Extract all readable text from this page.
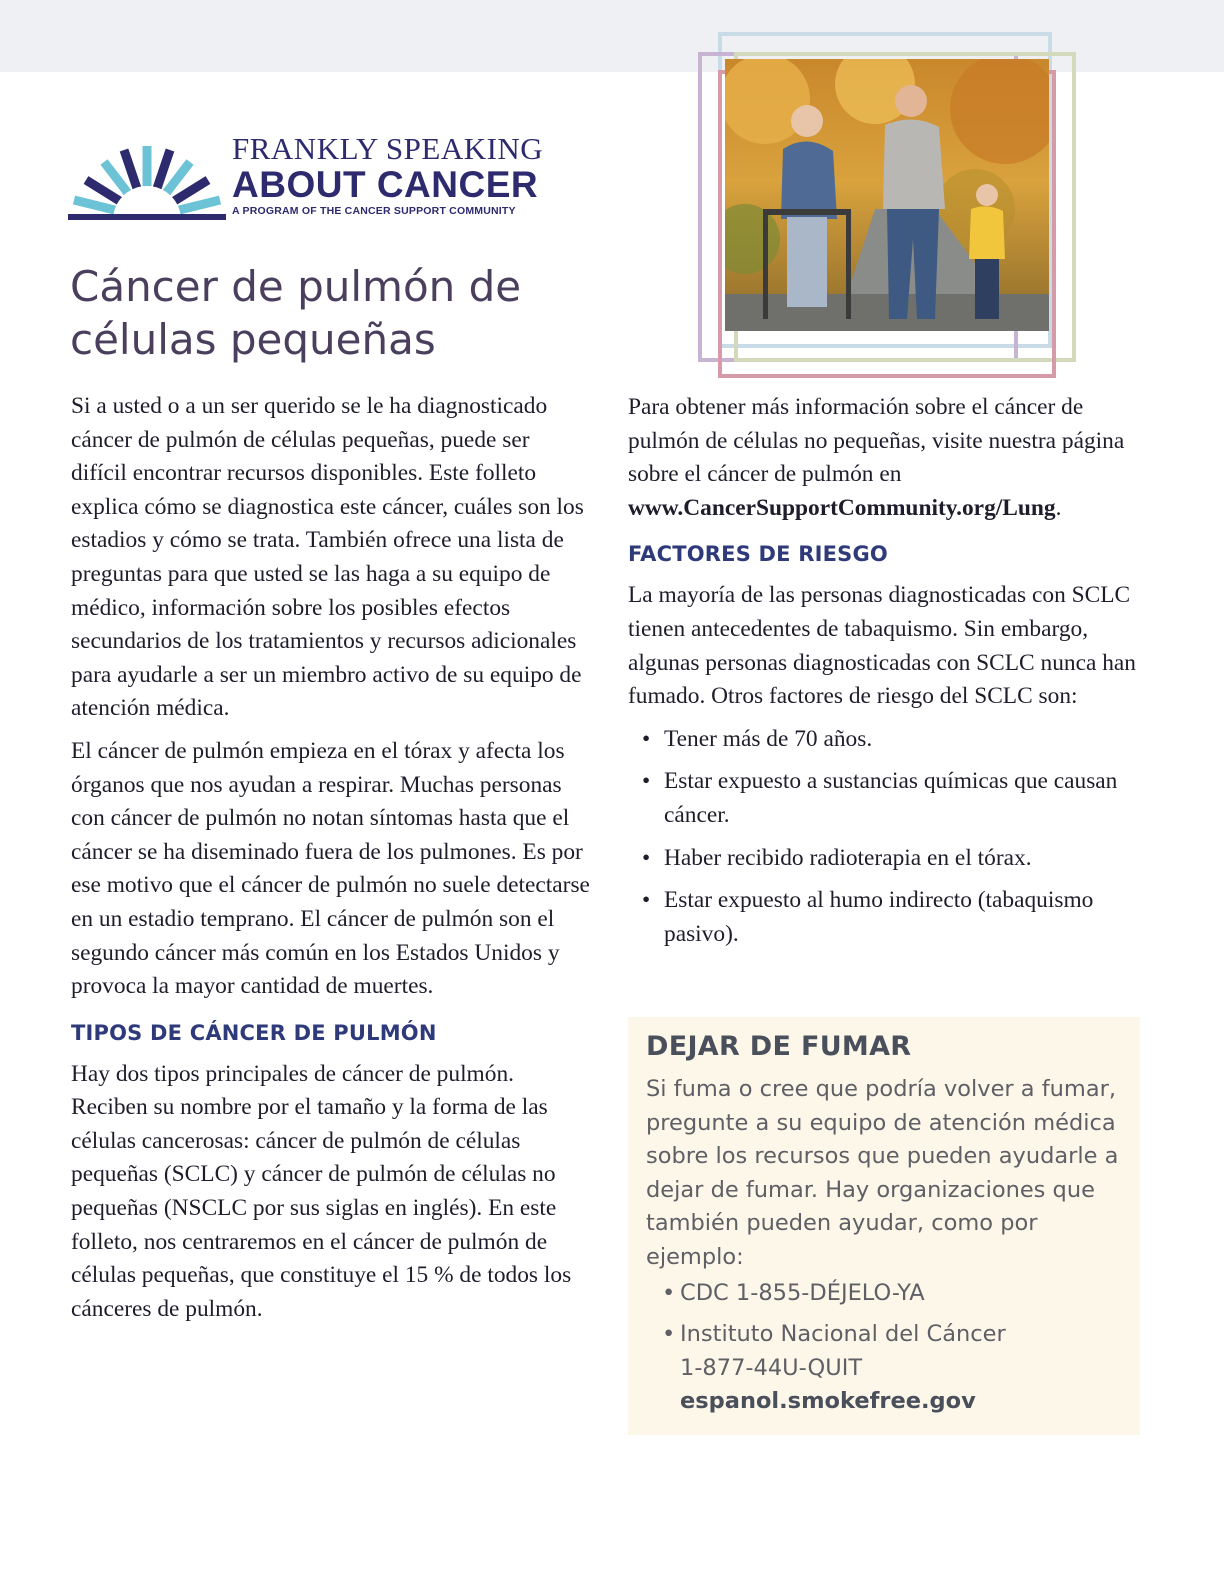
FRANKLY SPEAKING
ABOUT CANCER
A PROGRAM OF THE CANCER SUPPORT COMMUNITY
Cáncer de pulmón de células pequeñas

Si a usted o a un ser querido se le ha diagnosticado cáncer de pulmón de células pequeñas, puede ser difícil encontrar recursos disponibles. Este folleto explica cómo se diagnostica este cáncer, cuáles son los estadios y cómo se trata. También ofrece una lista de preguntas para que usted se las haga a su equipo de médico, información sobre los posibles efectos secundarios de los tratamientos y recursos adicionales para ayudarle a ser un miembro activo de su equipo de atención médica.

El cáncer de pulmón empieza en el tórax y afecta los órganos que nos ayudan a respirar. Muchas personas con cáncer de pulmón no notan síntomas hasta que el cáncer se ha diseminado fuera de los pulmones. Es por ese motivo que el cáncer de pulmón no suele detectarse en un estadio temprano. El cáncer de pulmón son el segundo cáncer más común en los Estados Unidos y provoca la mayor cantidad de muertes.

TIPOS DE CÁNCER DE PULMÓN

Hay dos tipos principales de cáncer de pulmón. Reciben su nombre por el tamaño y la forma de las células cancerosas: cáncer de pulmón de células pequeñas (SCLC) y cáncer de pulmón de células no pequeñas (NSCLC por sus siglas en inglés). En este folleto, nos centraremos en el cáncer de pulmón de células pequeñas, que constituye el 15 % de todos los cánceres de pulmón.

Para obtener más información sobre el cáncer de pulmón de células no pequeñas, visite nuestra página sobre el cáncer de pulmón en www.CancerSupportCommunity.org/Lung.

FACTORES DE RIESGO

La mayoría de las personas diagnosticadas con SCLC tienen antecedentes de tabaquismo. Sin embargo, algunas personas diagnosticadas con SCLC nunca han fumado. Otros factores de riesgo del SCLC son:

• Tener más de 70 años.
• Estar expuesto a sustancias químicas que causan cáncer.
• Haber recibido radioterapia en el tórax.
• Estar expuesto al humo indirecto (tabaquismo pasivo).
DEJAR DE FUMAR

Si fuma o cree que podría volver a fumar, pregunte a su equipo de atención médica sobre los recursos que pueden ayudarle a dejar de fumar. Hay organizaciones que también pueden ayudar, como por ejemplo:

• CDC 1-855-DÉJELO-YA
• Instituto Nacional del Cáncer
1-877-44U-QUIT
espanol.smokefree.gov
